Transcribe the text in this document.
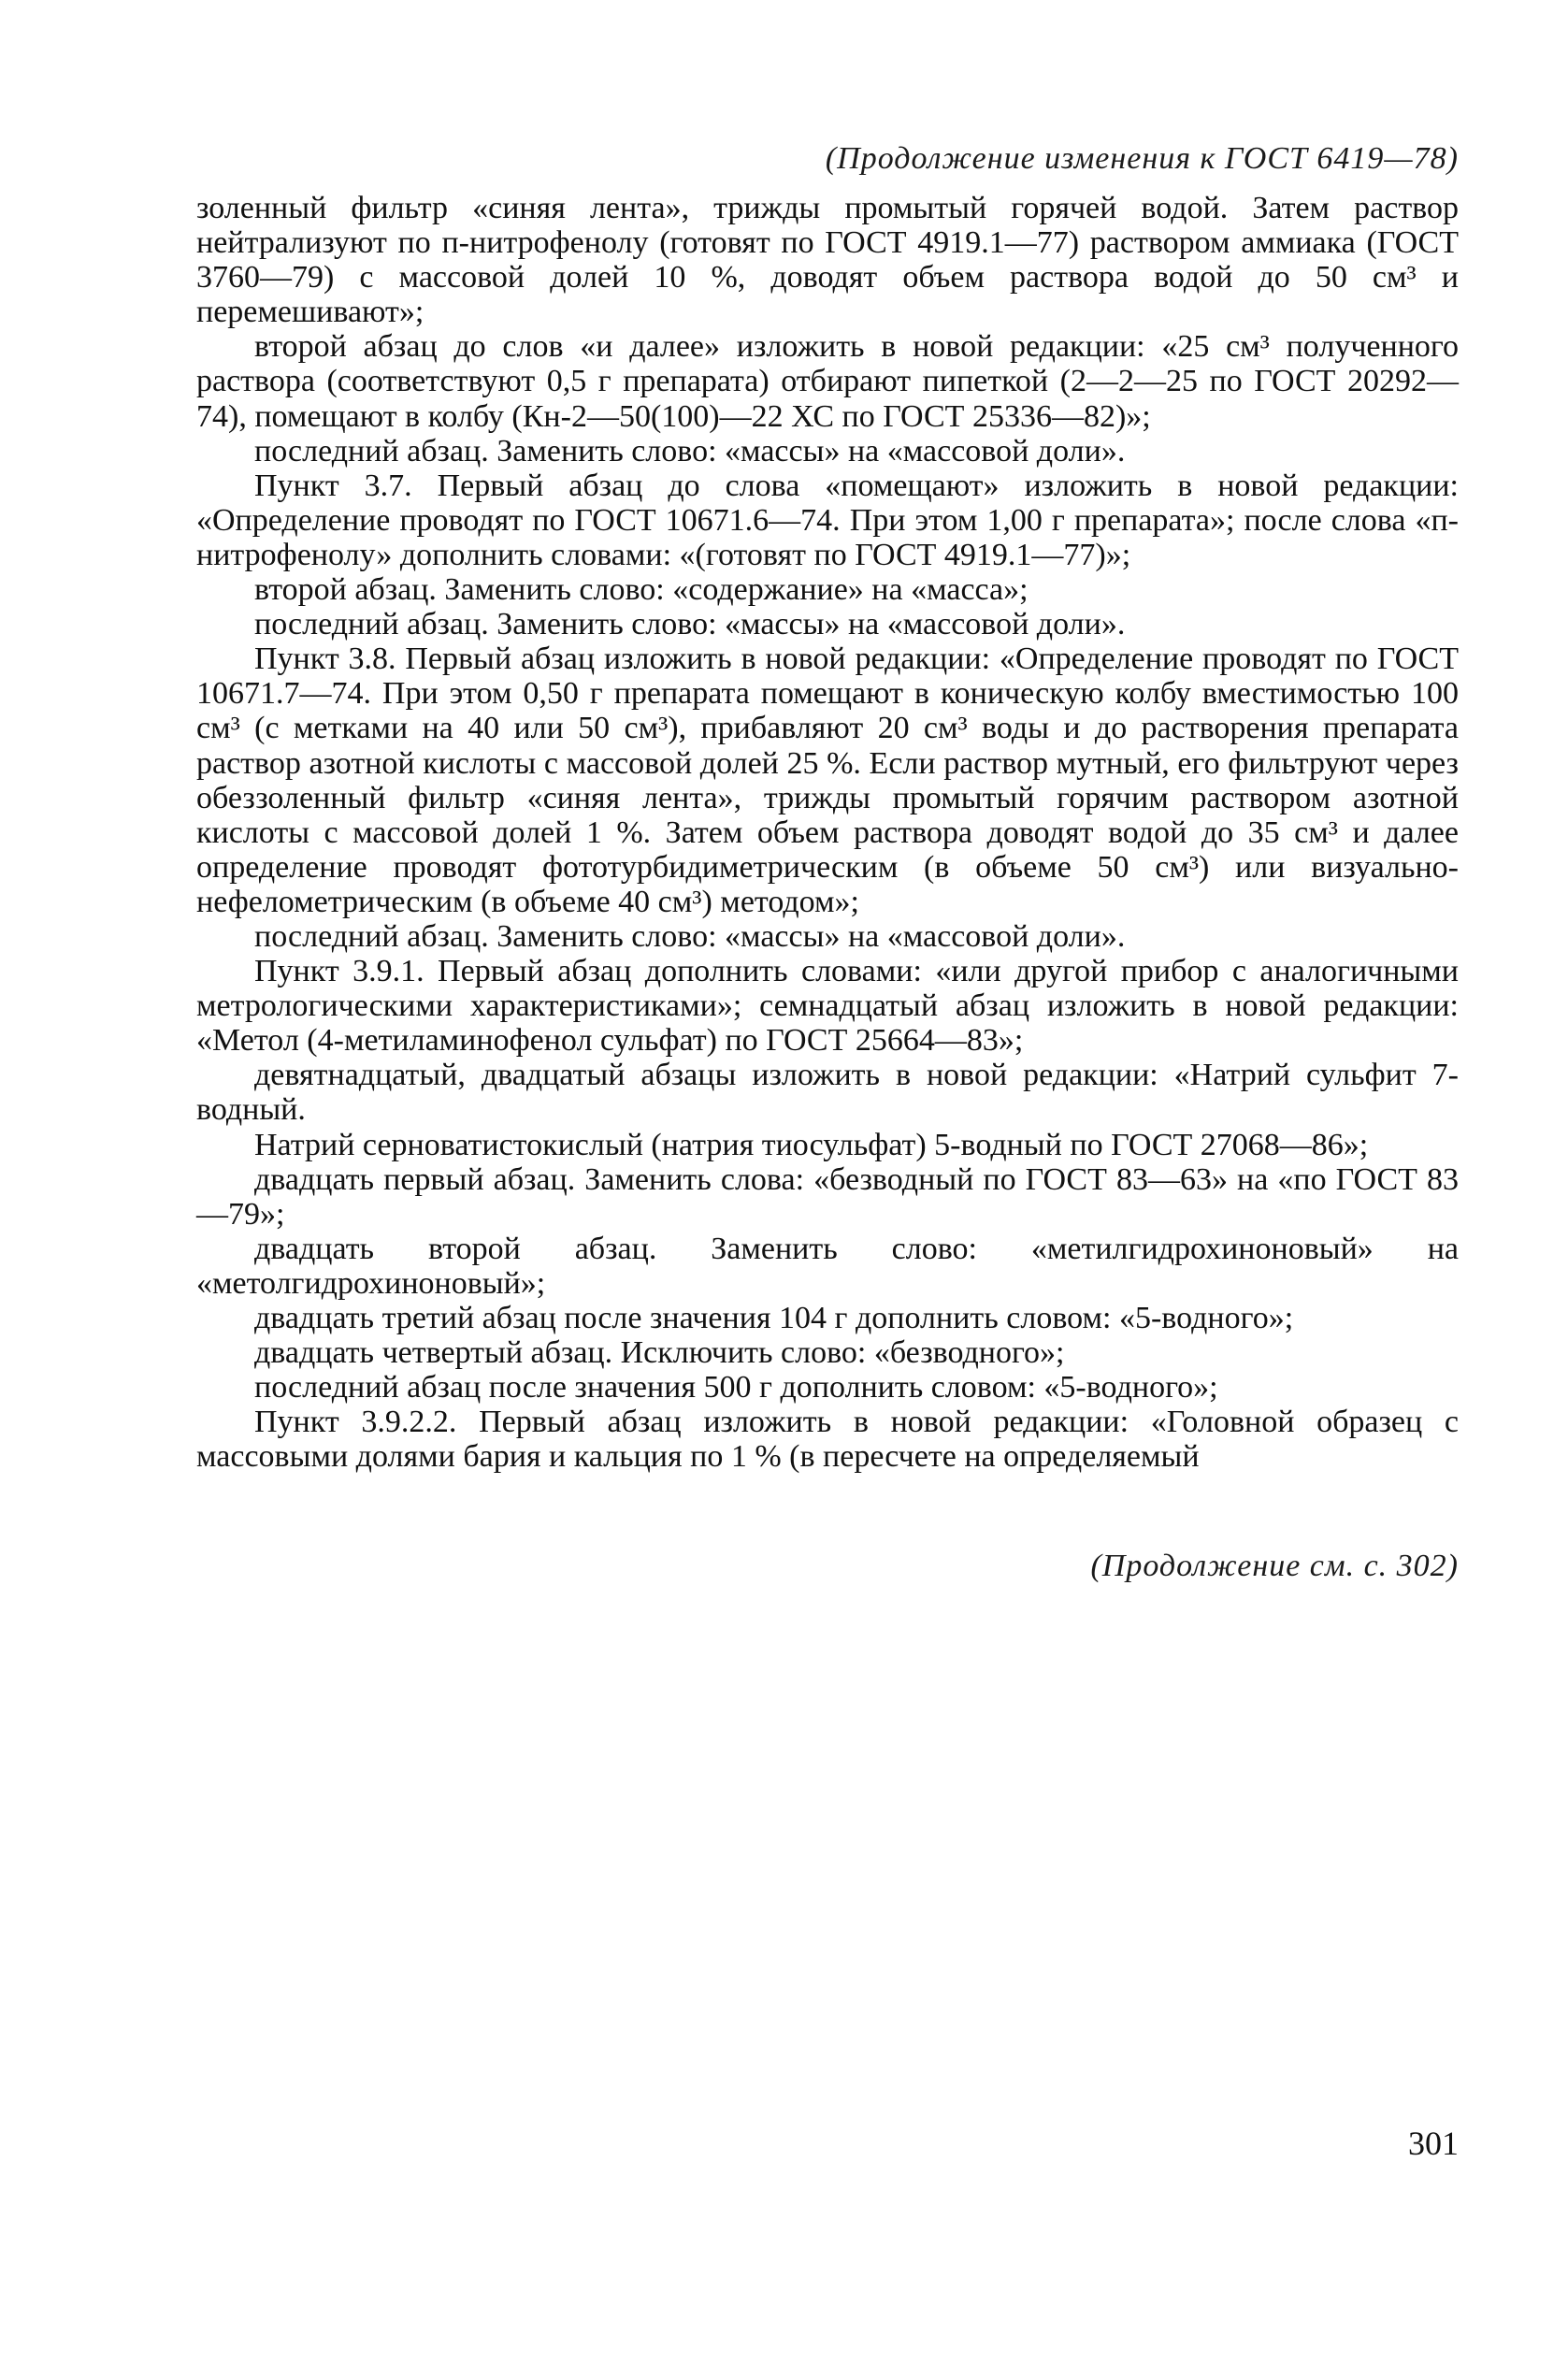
(Продолжение изменения к ГОСТ 6419—78)

золенный фильтр «синяя лента», трижды промытый горячей водой. Затем раствор нейтрализуют по п-нитрофенолу (готовят по ГОСТ 4919.1—77) раствором аммиака (ГОСТ 3760—79) с массовой долей 10 %, доводят объем раствора водой до 50 см³ и перемешивают»;

второй абзац до слов «и далее» изложить в новой редакции: «25 см³ полученного раствора (соответствуют 0,5 г препарата) отбирают пипеткой (2—2—25 по ГОСТ 20292—74), помещают в колбу (Кн-2—50(100)—22 ХС по ГОСТ 25336—82)»;

последний абзац. Заменить слово: «массы» на «массовой доли».

Пункт 3.7. Первый абзац до слова «помещают» изложить в новой редакции: «Определение проводят по ГОСТ 10671.6—74. При этом 1,00 г препарата»; после слова «п-нитрофенолу» дополнить словами: «(готовят по ГОСТ 4919.1—77)»;

второй абзац. Заменить слово: «содержание» на «масса»;

последний абзац. Заменить слово: «массы» на «массовой доли».

Пункт 3.8. Первый абзац изложить в новой редакции: «Определение проводят по ГОСТ 10671.7—74. При этом 0,50 г препарата помещают в коническую колбу вместимостью 100 см³ (с метками на 40 или 50 см³), прибавляют 20 см³ воды и до растворения препарата раствор азотной кислоты с массовой долей 25 %. Если раствор мутный, его фильтруют через обеззоленный фильтр «синяя лента», трижды промытый горячим раствором азотной кислоты с массовой долей 1 %. Затем объем раствора доводят водой до 35 см³ и далее определение проводят фототурбидиметрическим (в объеме 50 см³) или визуально-нефелометрическим (в объеме 40 см³) методом»;

последний абзац. Заменить слово: «массы» на «массовой доли».

Пункт 3.9.1. Первый абзац дополнить словами: «или другой прибор с аналогичными метрологическими характеристиками»; семнадцатый абзац изложить в новой редакции: «Метол (4-метиламинофенол сульфат) по ГОСТ 25664—83»;

девятнадцатый, двадцатый абзацы изложить в новой редакции: «Натрий сульфит 7-водный.

Натрий серноватистокислый (натрия тиосульфат) 5-водный по ГОСТ 27068—86»;

двадцать первый абзац. Заменить слова: «безводный по ГОСТ 83—63» на «по ГОСТ 83—79»;

двадцать второй абзац. Заменить слово: «метилгидрохиноновый» на «метолгидрохиноновый»;

двадцать третий абзац после значения 104 г дополнить словом: «5-водного»;

двадцать четвертый абзац. Исключить слово: «безводного»;

последний абзац после значения 500 г дополнить словом: «5-водного»;

Пункт 3.9.2.2. Первый абзац изложить в новой редакции: «Головной образец с массовыми долями бария и кальция по 1 % (в пересчете на определяемый

(Продолжение см. с. 302)
301
